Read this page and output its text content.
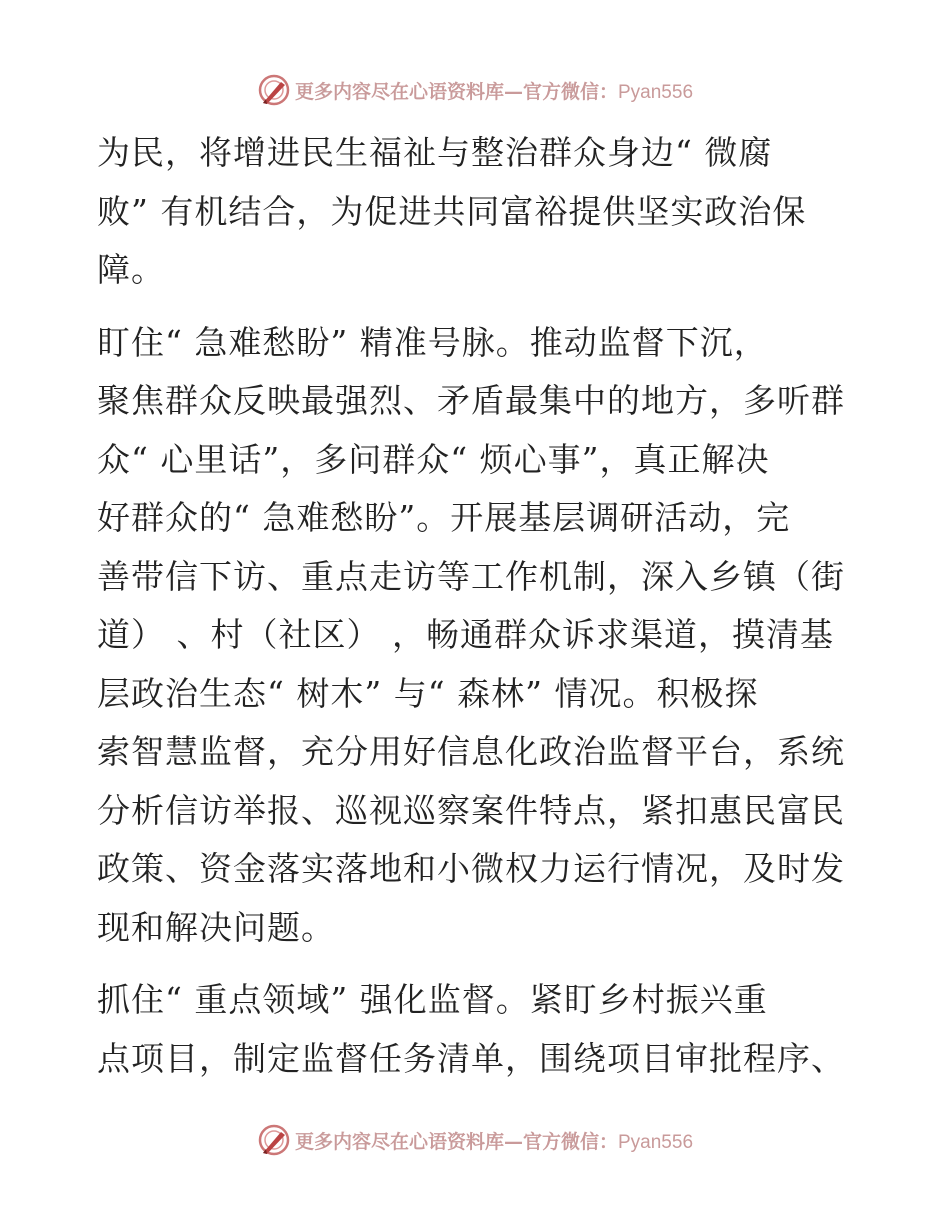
更多内容尽在心语资料库—官方微信：Pyan556

为民，将增进民生福祉与整治群众身边“ 微腐
败” 有机结合，为促进共同富裕提供坚实政治保
障。

盯住“ 急难愁盼” 精准号脉。推动监督下沉，
聚焦群众反映最强烈、矛盾最集中的地方，多听群
众“ 心里话”，多问群众“ 烦心事”，真正解决
好群众的“ 急难愁盼”。开展基层调研活动，完
善带信下访、重点走访等工作机制，深入乡镇（街
道） 、村（社区） ，畅通群众诉求渠道，摸清基
层政治生态“ 树木” 与“ 森林” 情况。积极探
索智慧监督，充分用好信息化政治监督平台，系统
分析信访举报、巡视巡察案件特点，紧扣惠民富民
政策、资金落实落地和小微权力运行情况，及时发
现和解决问题。

抓住“ 重点领域” 强化监督。紧盯乡村振兴重
点项目，制定监督任务清单，围绕项目审批程序、

更多内容尽在心语资料库—官方微信：Pyan556
